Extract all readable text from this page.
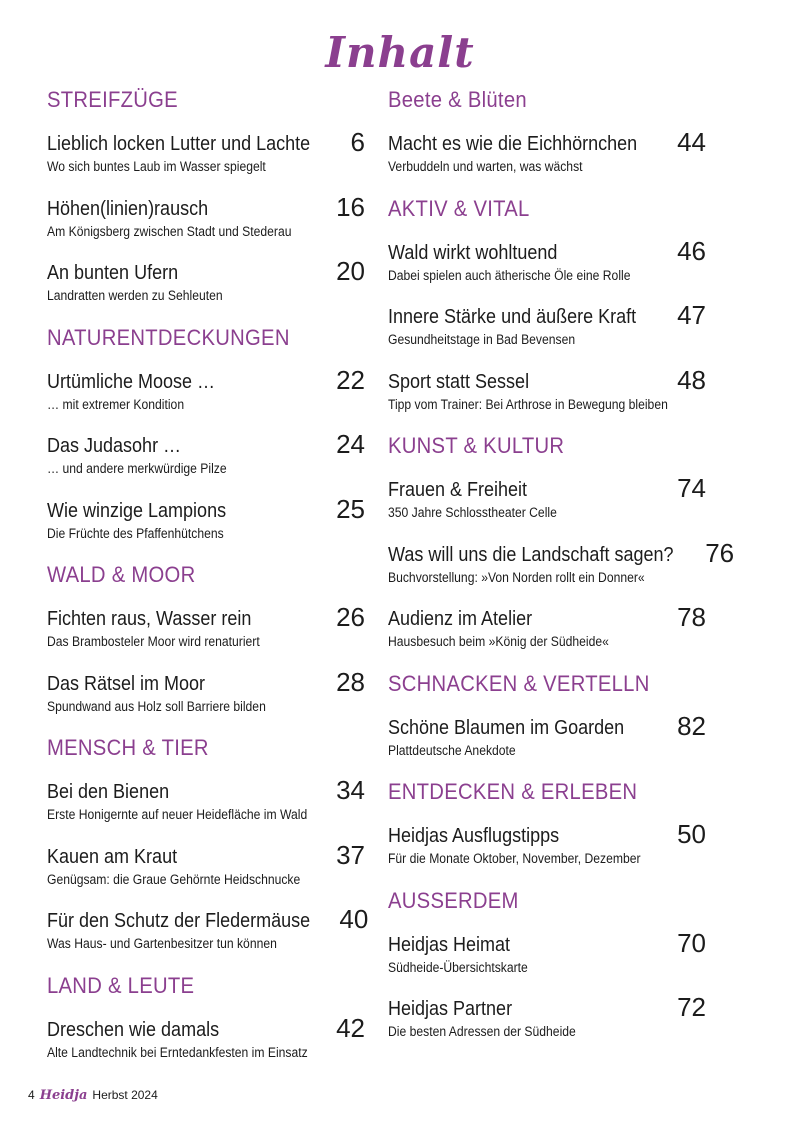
Inhalt
STREIFZÜGE
Lieblich locken Lutter und Lachte 6
Wo sich buntes Laub im Wasser spiegelt
Höhen(linien)rausch	16
Am Königsberg zwischen Stadt und Stederau
An bunten Ufern	20
Landratten werden zu Sehleuten
NATURENTDECKUNGEN
Urtümliche Moose …	22
… mit extremer Kondition
Das Judasohr …	24
… und andere merkwürdige Pilze
Wie winzige Lampions	25
Die Früchte des Pfaffenhütchens
WALD & MOOR
Fichten raus, Wasser rein	26
Das Brambosteler Moor wird renaturiert
Das Rätsel im Moor	28
Spundwand aus Holz soll Barriere bilden
MENSCH & TIER
Bei den Bienen	34
Erste Honigernte auf neuer Heidefläche im Wald
Kauen am Kraut	37
Genügsam: die Graue Gehörnte Heidschnucke
Für den Schutz der Fledermäuse 40
Was Haus- und Gartenbesitzer tun können
LAND & LEUTE
Dreschen wie damals	42
Alte Landtechnik bei Erntedankfesten im Einsatz
Beete & Blüten
Macht es wie die Eichhörnchen 44
Verbuddeln und warten, was wächst
AKTIV & VITAL
Wald wirkt wohltuend	46
Dabei spielen auch ätherische Öle eine Rolle
Innere Stärke und äußere Kraft 47
Gesundheitstage in Bad Bevensen
Sport statt Sessel	48
Tipp vom Trainer: Bei Arthrose in Bewegung bleiben
KUNST & KULTUR
Frauen & Freiheit	74
350 Jahre Schlosstheater Celle
Was will uns die Landschaft sagen? 76
Buchvorstellung: »Von Norden rollt ein Donner«
Audienz im Atelier	78
Hausbesuch beim »König der Südheide«
SCHNACKEN & VERTELLN
Schöne Blaumen im Goarden 82
Plattdeutsche Anekdote
ENTDECKEN & ERLEBEN
Heidjas Ausflugstipps	50
Für die Monate Oktober, November, Dezember
AUSSERDEM
Heidjas Heimat	70
Südheide-Übersichtskarte
Heidjas Partner	72
Die besten Adressen der Südheide
4 Heidja Herbst 2024
